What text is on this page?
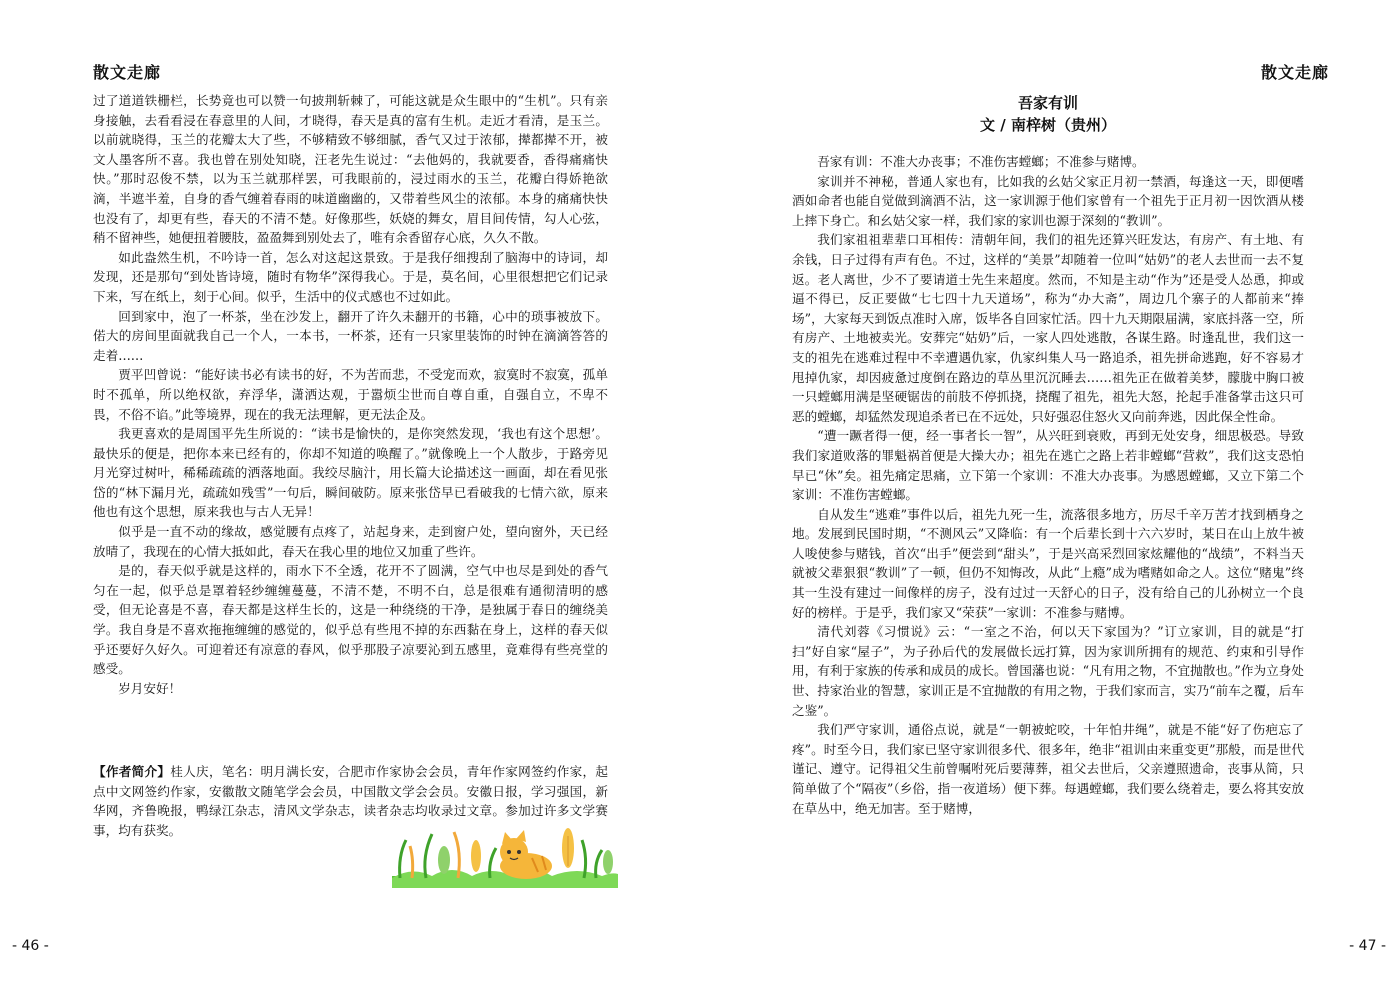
散文走廊

过了道道铁栅栏，长势竟也可以赞一句披荆斩棘了，可能这就是众生眼中的“生机”。只有亲身接触，去看看浸在春意里的人间，才晓得，春天是真的富有生机。走近才看清，是玉兰。以前就晓得，玉兰的花瓣太大了些，不够精致不够细腻，香气又过于浓郁，撵都撵不开，被文人墨客所不喜。我也曾在别处知晓，汪老先生说过：“去他妈的，我就要香，香得痛痛快快。”那时忍俊不禁，以为玉兰就那样罢，可我眼前的，浸过雨水的玉兰，花瓣白得娇艳欲滴，半遮半羞，自身的香气缠着春雨的味道幽幽的，又带着些风尘的浓郁。本身的痛痛快快也没有了，却更有些，春天的不清不楚。好像那些，妖娆的舞女，眉目间传情，勾人心弦，稍不留神些，她便扭着腰肢，盈盈舞到别处去了，唯有余香留存心底，久久不散。

如此盎然生机，不吟诗一首，怎么对这起这景致。于是我仔细搜刮了脑海中的诗词，却发现，还是那句“到处皆诗境，随时有物华”深得我心。于是，莫名间，心里很想把它们记录下来，写在纸上，刻于心间。似乎，生活中的仪式感也不过如此。

回到家中，泡了一杯茶，坐在沙发上，翻开了许久未翻开的书籍，心中的琐事被放下。偌大的房间里面就我自己一个人，一本书，一杯茶，还有一只家里装饰的时钟在滴滴答答的走着……

贾平凹曾说：“能好读书必有读书的好，不为苦而悲，不受宠而欢，寂寞时不寂寞，孤单时不孤单，所以绝权欲，弃浮华，潇洒达观，于嚣烦尘世而自尊自重，自强自立，不卑不畏，不俗不谄。”此等境界，现在的我无法理解，更无法企及。

我更喜欢的是周国平先生所说的：“读书是愉快的，是你突然发现，‘我也有这个思想’。最快乐的便是，把你本来已经有的，你却不知道的唤醒了。”就像晚上一个人散步，于路旁见月光穿过树叶，稀稀疏疏的洒落地面。我绞尽脑汁，用长篇大论描述这一画面，却在看见张岱的“林下漏月光，疏疏如残雪”一句后，瞬间破防。原来张岱早已看破我的七情六欲，原来他也有这个思想，原来我也与古人无异！

似乎是一直不动的缘故，感觉腰有点疼了，站起身来，走到窗户处，望向窗外，天已经放晴了，我现在的心情大抵如此，春天在我心里的地位又加重了些许。

是的，春天似乎就是这样的，雨水下不全透，花开不了圆满，空气中也尽是到处的香气匀在一起，似乎总是罩着轻纱缠缠蔓蔓，不清不楚，不明不白，总是很难有通彻清明的感受，但无论喜是不喜，春天都是这样生长的，这是一种绕绕的干净，是独属于春日的缠绕美学。我自身是不喜欢拖拖缠缠的感觉的，似乎总有些甩不掉的东西黏在身上，这样的春天似乎还要好久好久。可迎着还有凉意的春风，似乎那股子凉要沁到五感里，竟难得有些亮堂的感受。

岁月安好！

【作者简介】桂人庆，笔名：明月满长安，合肥市作家协会会员，青年作家网签约作家，起点中文网签约作家，安徽散文随笔学会会员，中国散文学会会员。安徽日报，学习强国，新华网，齐鲁晚报，鸭绿江杂志，清风文学杂志，读者杂志均收录过文章。参加过许多文学赛事，均有获奖。
- 46 -
散文走廊
吾家有训
文 / 南梓树（贵州）

吾家有训：不准大办丧事；不准伤害螳螂；不准参与赌博。

家训并不神秘，普通人家也有，比如我的幺姑父家正月初一禁酒，每逢这一天，即便嗜酒如命者也能自觉做到滴酒不沾，这一家训源于他们家曾有一个祖先于正月初一因饮酒从楼上摔下身亡。和幺姑父家一样，我们家的家训也源于深刻的“教训”。

我们家祖祖辈辈口耳相传：清朝年间，我们的祖先还算兴旺发达，有房产、有土地、有余钱，日子过得有声有色。不过，这样的“美景”却随着一位叫“姑奶”的老人去世而一去不复返。老人离世，少不了要请道士先生来超度。然而，不知是主动“作为”还是受人怂恿，抑或逼不得已，反正要做“七七四十九天道场”，称为“办大斋”，周边几个寨子的人都前来“捧场”，大家每天到饭点准时入席，饭毕各自回家忙活。四十九天期限届满，家底抖落一空，所有房产、土地被卖光。安葬完“姑奶”后，一家人四处逃散，各谋生路。时逢乱世，我们这一支的祖先在逃难过程中不幸遭遇仇家，仇家纠集人马一路追杀，祖先拼命逃跑，好不容易才甩掉仇家，却因疲惫过度倒在路边的草丛里沉沉睡去……祖先正在做着美梦，朦胧中胸口被一只螳螂用满是坚硬锯齿的前肢不停抓挠，挠醒了祖先，祖先大怒，抡起手准备掌击这只可恶的螳螂，却猛然发现追杀者已在不远处，只好强忍住怒火又向前奔逃，因此保全性命。

“遭一蹶者得一便，经一事者长一智”，从兴旺到衰败，再到无处安身，细思极恐。导致我们家道败落的罪魁祸首便是大操大办；祖先在逃亡之路上若非螳螂“营救”，我们这支恐怕早已“休”矣。祖先痛定思痛，立下第一个家训：不准大办丧事。为感恩螳螂，又立下第二个家训：不准伤害螳螂。

自从发生“逃难”事件以后，祖先九死一生，流落很多地方，历尽千辛万苦才找到栖身之地。发展到民国时期，“不测风云”又降临：有一个后辈长到十六六岁时，某日在山上放牛被人唆使参与赌钱，首次“出手”便尝到“甜头”，于是兴高采烈回家炫耀他的“战绩”，不料当天就被父辈狠狠“教训”了一顿，但仍不知悔改，从此“上瘾”成为嗜赌如命之人。这位“赌鬼”终其一生没有建过一间像样的房子，没有过过一天舒心的日子，没有给自己的儿孙树立一个良好的榜样。于是乎，我们家又“荣获”一家训：不准参与赌博。

清代刘蓉《习惯说》云：“一室之不治，何以天下家国为？”订立家训，目的就是“打扫”好自家“屋子”，为子孙后代的发展做长远打算，因为家训所拥有的规范、约束和引导作用，有利于家族的传承和成员的成长。曾国藩也说：“凡有用之物，不宜抛散也。”作为立身处世、持家治业的智慧，家训正是不宜抛散的有用之物，于我们家而言，实乃“前车之覆，后车之鉴”。

我们严守家训，通俗点说，就是“一朝被蛇咬，十年怕井绳”，就是不能“好了伤疤忘了疼”。时至今日，我们家已坚守家训很多代、很多年，绝非“祖训由来重变更”那般，而是世代谨记、遵守。记得祖父生前曾嘱咐死后要薄葬，祖父去世后，父亲遵照遗命，丧事从简，只简单做了个“隔夜”（乡俗，指一夜道场）便下葬。每遇螳螂，我们要么绕着走，要么将其安放在草丛中，绝无加害。至于赌博，

- 47 -
